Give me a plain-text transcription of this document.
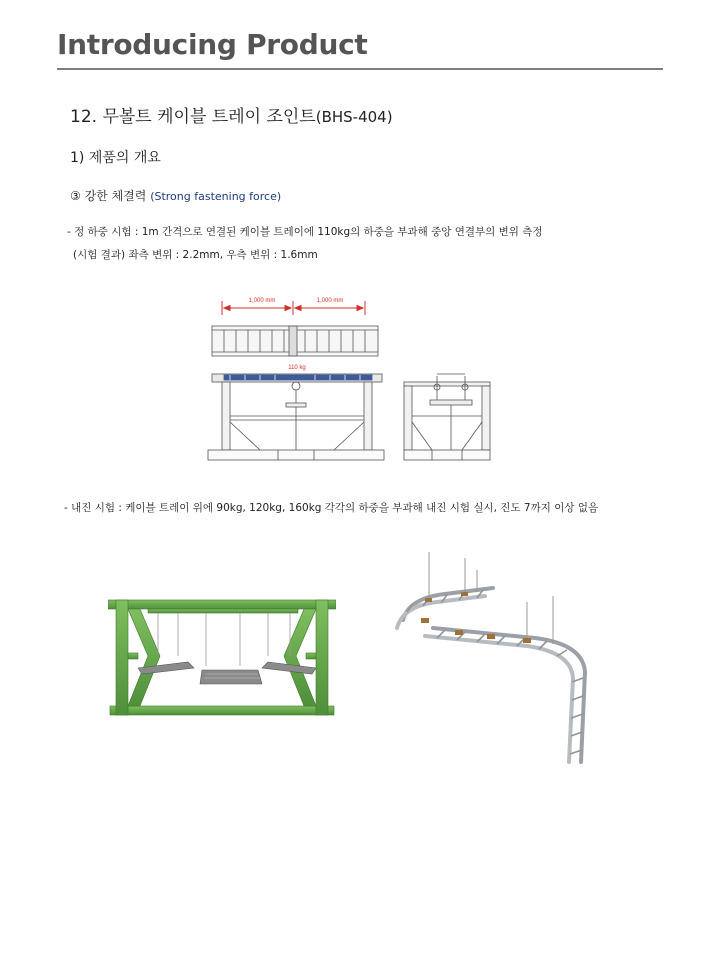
Introducing Product
12. 무볼트 케이블 트레이 조인트(BHS-404)
1) 제품의 개요
③ 강한 체결력 (Strong fastening force)
- 정 하중 시험 : 1m 간격으로 연결된 케이블 트레이에 110kg의 하중을 부과해 중앙 연결부의 변위 측정
(시험 결과) 좌측 변위 : 2.2mm, 우측 변위 : 1.6mm
1,000 mm	1,000 mm
110 kg
- 내진 시험 : 케이블 트레이 위에 90kg, 120kg, 160kg 각각의 하중을 부과해 내진 시험 실시, 진도 7까지 이상 없음
